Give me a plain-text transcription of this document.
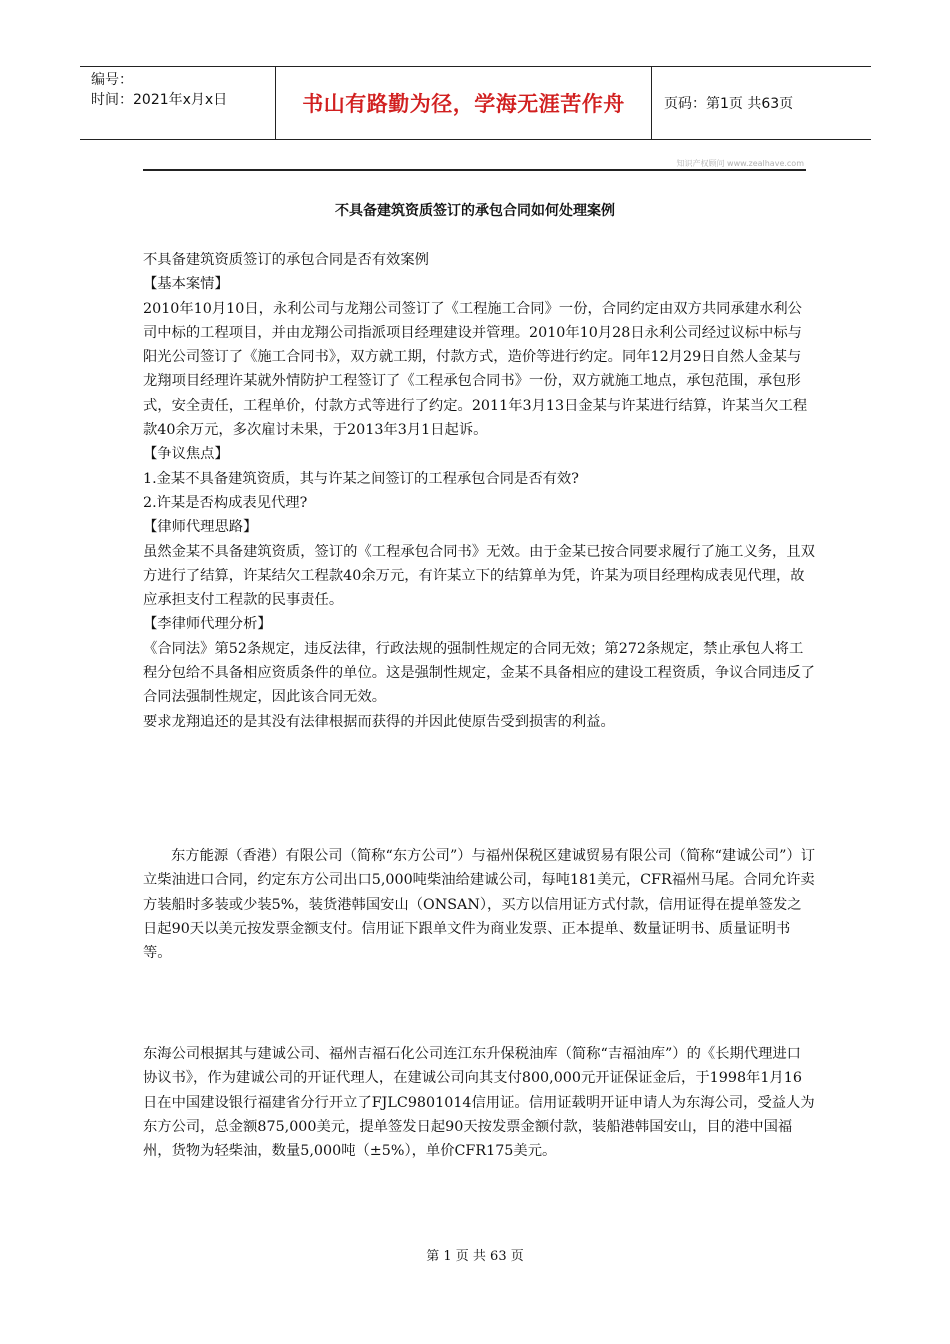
编号：
时间：2021年x月x日	书山有路勤为径，学海无涯苦作舟	页码：第1页 共63页
知识产权顾问 www.zealhave.com
不具备建筑资质签订的承包合同如何处理案例

不具备建筑资质签订的承包合同是否有效案例

【基本案情】

2010年10月10日，永利公司与龙翔公司签订了《工程施工合同》一份，合同约定由双方共同承建水利公司中标的工程项目，并由龙翔公司指派项目经理建设并管理。2010年10月28日永利公司经过议标中标与阳光公司签订了《施工合同书》，双方就工期，付款方式，造价等进行约定。同年12月29日自然人金某与龙翔项目经理许某就外情防护工程签订了《工程承包合同书》一份，双方就施工地点，承包范围，承包形式，安全责任，工程单价，付款方式等进行了约定。2011年3月13日金某与许某进行结算，许某当欠工程款40余万元，多次雇讨未果，于2013年3月1日起诉。

【争议焦点】

1.金某不具备建筑资质，其与许某之间签订的工程承包合同是否有效?

2.许某是否构成表见代理?

【律师代理思路】

虽然金某不具备建筑资质，签订的《工程承包合同书》无效。由于金某已按合同要求履行了施工义务，且双方进行了结算，许某结欠工程款40余万元，有许某立下的结算单为凭，许某为项目经理构成表见代理，故应承担支付工程款的民事责任。

【李律师代理分析】

《合同法》第52条规定，违反法律，行政法规的强制性规定的合同无效；第272条规定，禁止承包人将工程分包给不具备相应资质条件的单位。这是强制性规定，金某不具备相应的建设工程资质，争议合同违反了合同法强制性规定，因此该合同无效。

要求龙翔追还的是其没有法律根据而获得的并因此使原告受到损害的利益。

东方能源（香港）有限公司（简称“东方公司”）与福州保税区建诚贸易有限公司（简称“建诚公司”）订立柴油进口合同，约定东方公司出口5,000吨柴油给建诚公司，每吨181美元，CFR福州马尾。合同允许卖方装船时多装或少装5%，装货港韩国安山（ONSAN），买方以信用证方式付款，信用证得在提单签发之日起90天以美元按发票金额支付。信用证下跟单文件为商业发票、正本提单、数量证明书、质量证明书等。

东海公司根据其与建诚公司、福州吉福石化公司连江东升保税油库（简称“吉福油库”）的《长期代理进口协议书》，作为建诚公司的开证代理人，在建诚公司向其支付800,000元开证保证金后，于1998年1月16日在中国建设银行福建省分行开立了FJLC9801014信用证。信用证载明开证申请人为东海公司，受益人为东方公司，总金额875,000美元，提单签发日起90天按发票金额付款，装船港韩国安山，目的港中国福州，货物为轻柴油，数量5,000吨（±5%），单价CFR175美元。

第 1 页 共 63 页
